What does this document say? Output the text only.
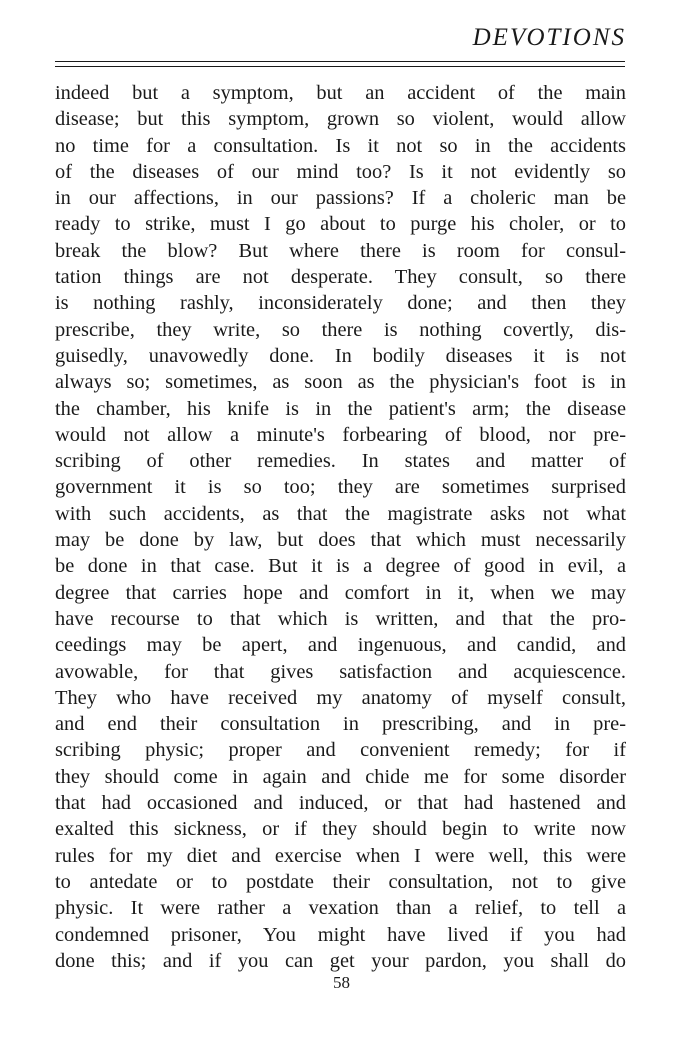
DEVOTIONS
indeed but a symptom, but an accident of the main
disease; but this symptom, grown so violent, would allow
no time for a consultation. Is it not so in the accidents
of the diseases of our mind too? Is it not evidently so
in our affections, in our passions? If a choleric man be
ready to strike, must I go about to purge his choler, or to
break the blow? But where there is room for consul-
tation things are not desperate. They consult, so there
is nothing rashly, inconsiderately done; and then they
prescribe, they write, so there is nothing covertly, dis-
guisedly, unavowedly done. In bodily diseases it is not
always so; sometimes, as soon as the physician's foot is in
the chamber, his knife is in the patient's arm; the disease
would not allow a minute's forbearing of blood, nor pre-
scribing of other remedies. In states and matter of
government it is so too; they are sometimes surprised
with such accidents, as that the magistrate asks not what
may be done by law, but does that which must necessarily
be done in that case. But it is a degree of good in evil, a
degree that carries hope and comfort in it, when we may
have recourse to that which is written, and that the pro-
ceedings may be apert, and ingenuous, and candid, and
avowable, for that gives satisfaction and acquiescence.
They who have received my anatomy of myself consult,
and end their consultation in prescribing, and in pre-
scribing physic; proper and convenient remedy; for if
they should come in again and chide me for some disorder
that had occasioned and induced, or that had hastened and
exalted this sickness, or if they should begin to write now
rules for my diet and exercise when I were well, this were
to antedate or to postdate their consultation, not to give
physic. It were rather a vexation than a relief, to tell a
condemned prisoner, You might have lived if you had
done this; and if you can get your pardon, you shall do
58
